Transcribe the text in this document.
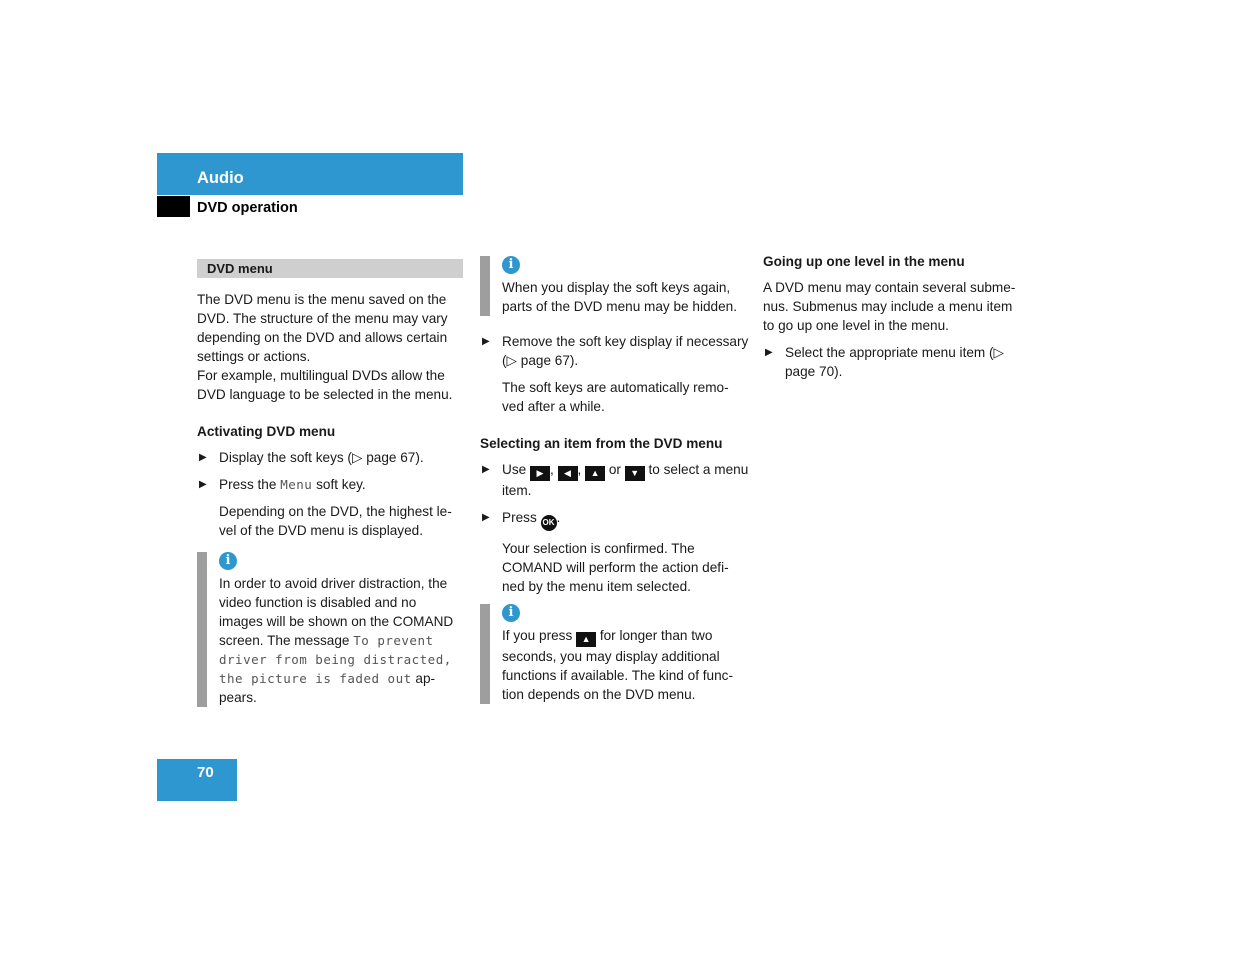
Audio
DVD operation
DVD menu

The DVD menu is the menu saved on the DVD. The structure of the menu may vary depending on the DVD and allows certain settings or actions.

For example, multilingual DVDs allow the DVD language to be selected in the menu.

Activating DVD menu
▶ Display the soft keys (▷ page 67).
▶ Press the Menu soft key.
Depending on the DVD, the highest le-vel of the DVD menu is displayed.
i
In order to avoid driver distraction, the video function is disabled and no images will be shown on the COMAND screen. The message To prevent driver from being distracted, the picture is faded out ap-pears.
i
When you display the soft keys again, parts of the DVD menu may be hidden.
▶ Remove the soft key display if necessary (▷ page 67).
The soft keys are automatically remo-ved after a while.
Selecting an item from the DVD menu
▶ Use ▶ , ◀ , ▲ or ▼ to select a menu item.
▶ Press OK .
Your selection is confirmed. The COMAND will perform the action defi-ned by the menu item selected.
i
If you press ▲ for longer than two seconds, you may display additional functions if available. The kind of func-tion depends on the DVD menu.
Going up one level in the menu

A DVD menu may contain several subme-nus. Submenus may include a menu item to go up one level in the menu.

▶ Select the appropriate menu item (▷ page 70).
70
